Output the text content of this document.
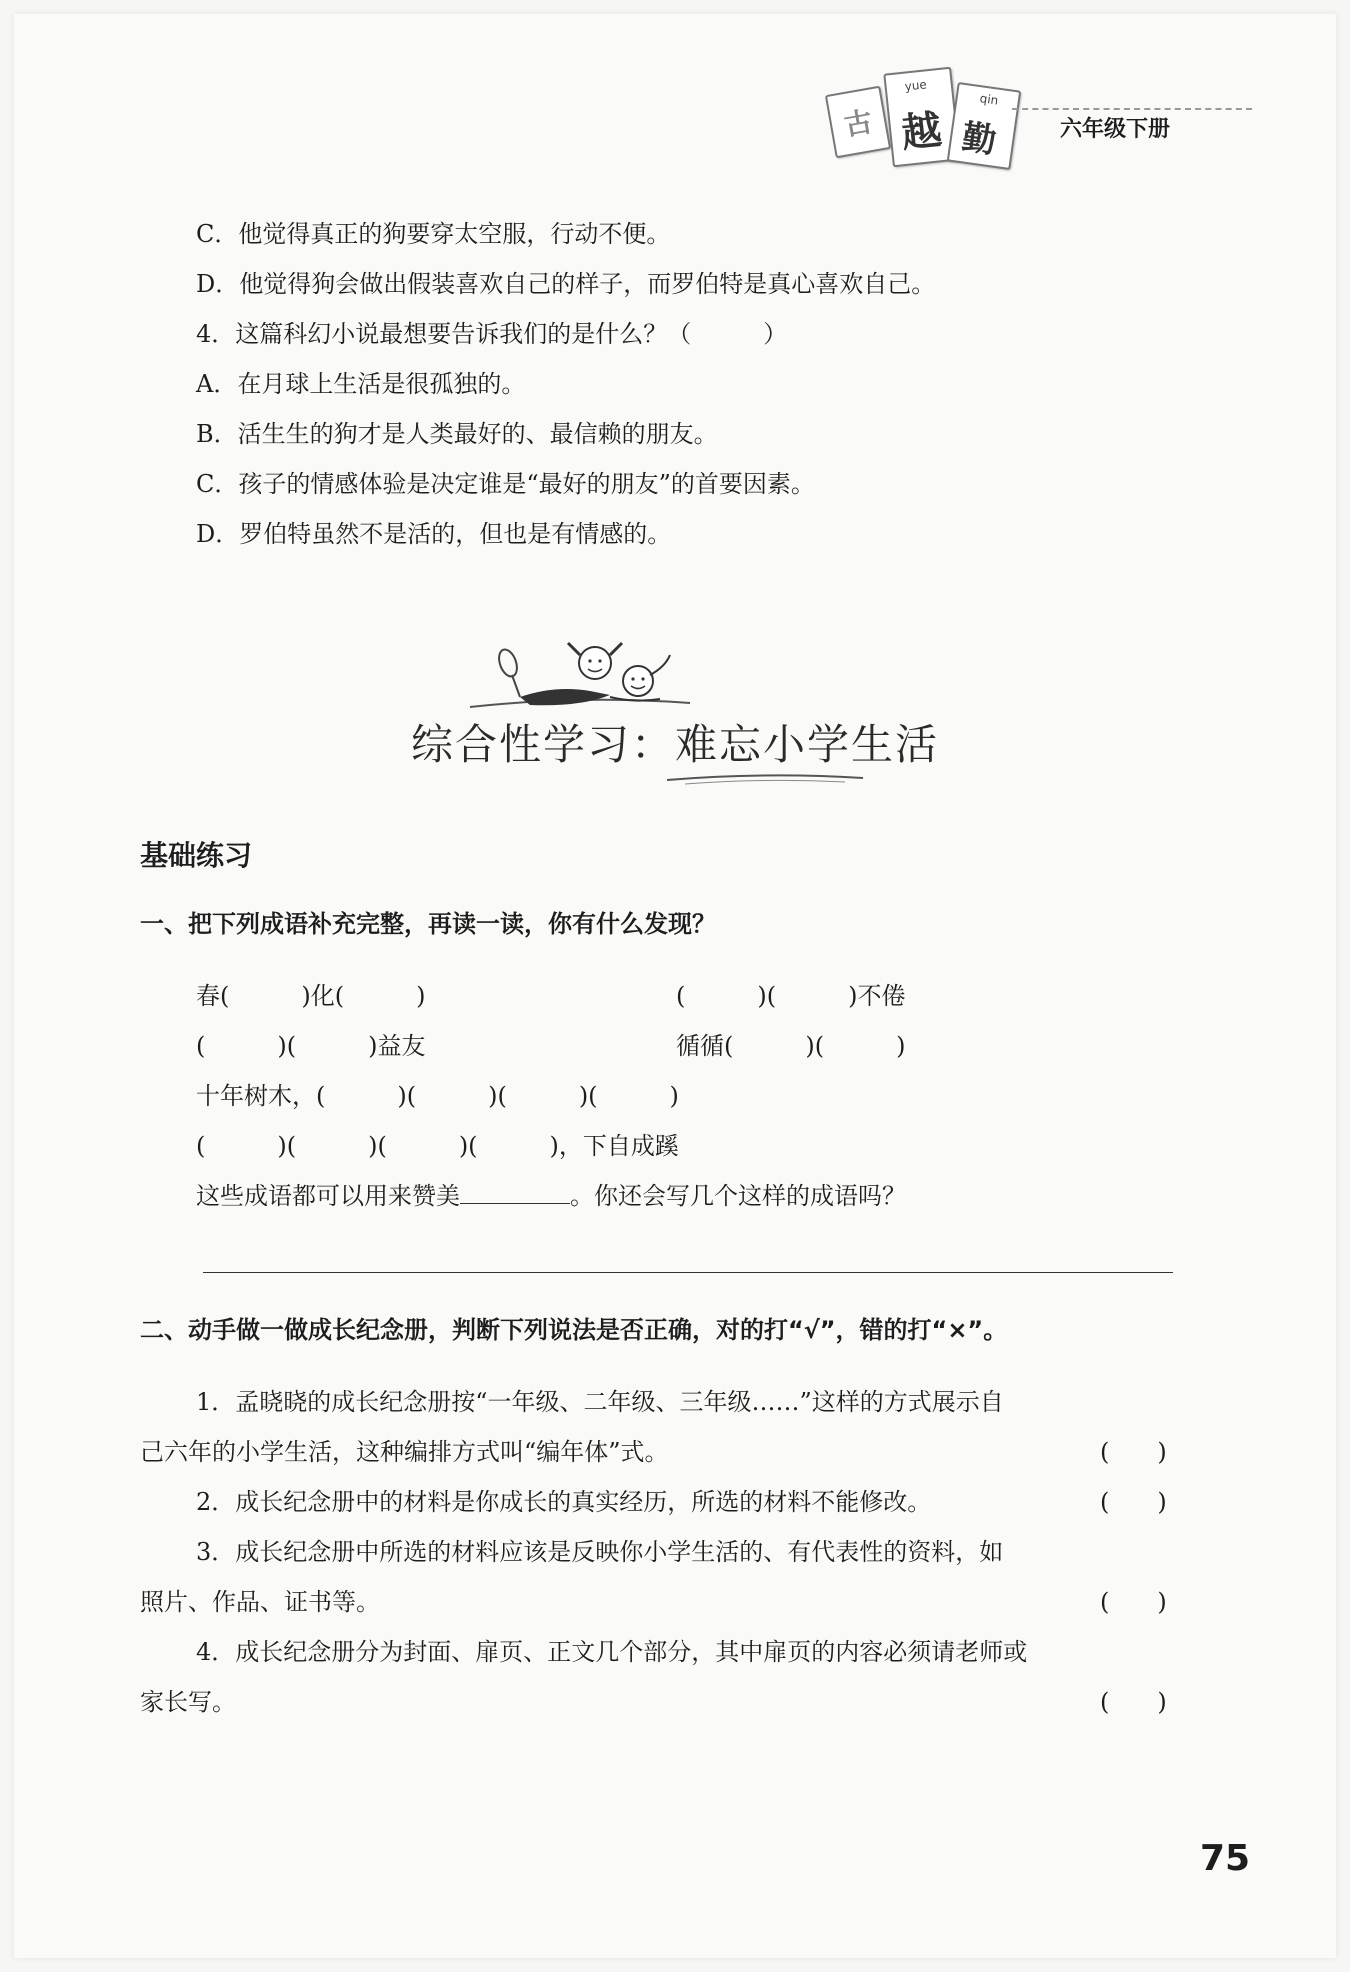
古
yue
越
qin
勤	六年级下册
C．他觉得真正的狗要穿太空服，行动不便。
D．他觉得狗会做出假装喜欢自己的样子，而罗伯特是真心喜欢自己。
4．这篇科幻小说最想要告诉我们的是什么？（　　　）
A．在月球上生活是很孤独的。
B．活生生的狗才是人类最好的、最信赖的朋友。
C．孩子的情感体验是决定谁是“最好的朋友”的首要因素。
D．罗伯特虽然不是活的，但也是有情感的。
综合性学习：难忘小学生活
基础练习
一、把下列成语补充完整，再读一读，你有什么发现？
春(　　　)化(　　　)
(　　　)(　　　)益友
十年树木，(　　　)(　　　)(　　　)(　　　)
(　　　)(　　　)(　　　)(　　　)，下自成蹊
(　　　)(　　　)不倦
循循(　　　)(　　　)
这些成语都可以用来赞美	。你还会写几个这样的成语吗？
二、动手做一做成长纪念册，判断下列说法是否正确，对的打“√”，错的打“×”。
1．孟晓晓的成长纪念册按“一年级、二年级、三年级……”这样的方式展示自
己六年的小学生活，这种编排方式叫“编年体”式。	(　　)
2．成长纪念册中的材料是你成长的真实经历，所选的材料不能修改。	(　　)
3．成长纪念册中所选的材料应该是反映你小学生活的、有代表性的资料，如
照片、作品、证书等。	(　　)
4．成长纪念册分为封面、扉页、正文几个部分，其中扉页的内容必须请老师或
家长写。	(　　)
75
